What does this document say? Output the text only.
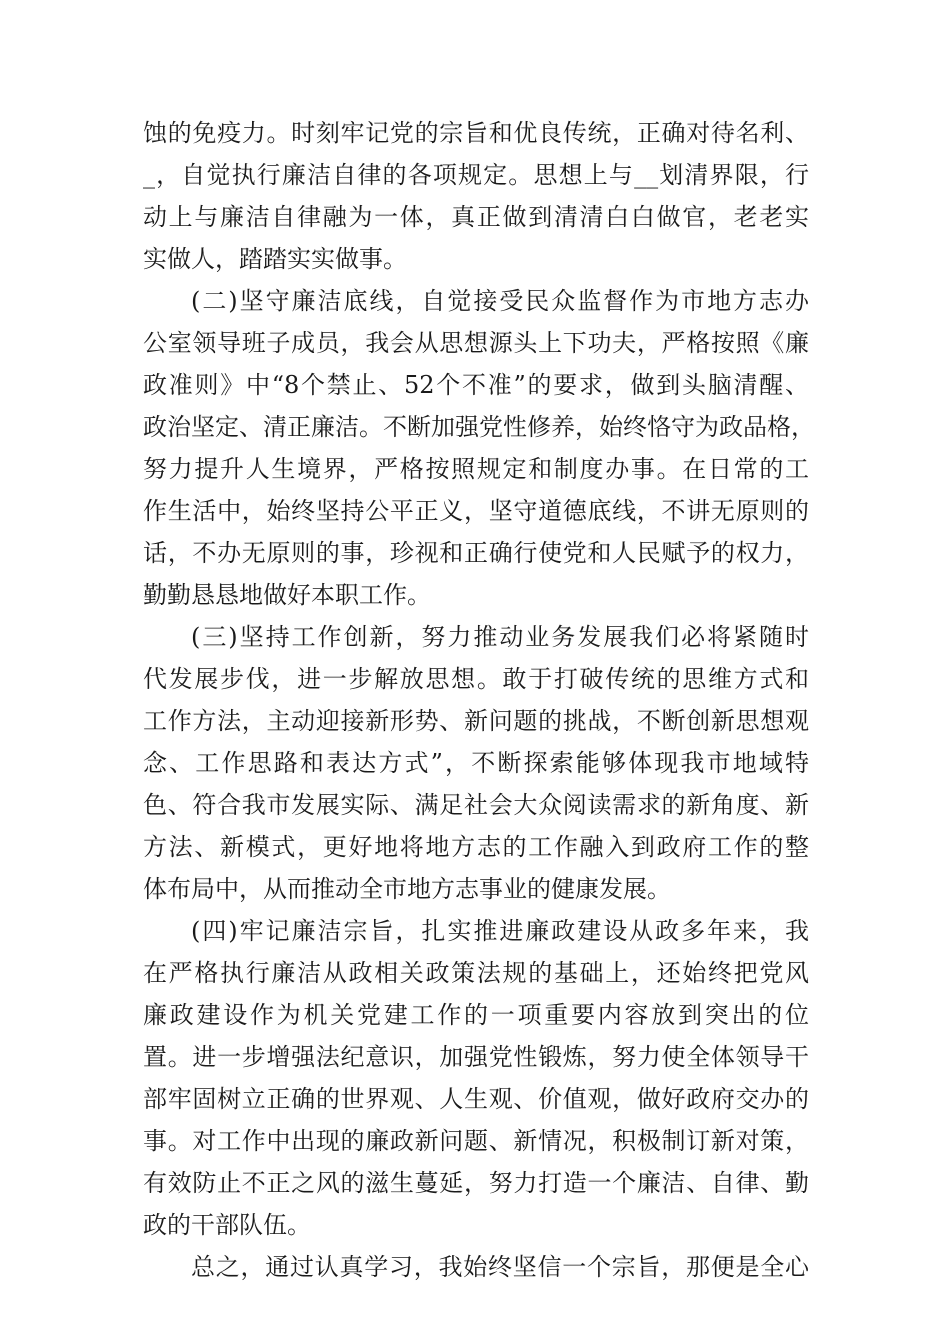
蚀的免疫力。时刻牢记党的宗旨和优良传统，正确对待名利、
_，自觉执行廉洁自律的各项规定。思想上与__划清界限，行
动上与廉洁自律融为一体，真正做到清清白白做官，老老实
实做人，踏踏实实做事。

(二)坚守廉洁底线，自觉接受民众监督作为市地方志办
公室领导班子成员，我会从思想源头上下功夫，严格按照《廉
政准则》中“8个禁止、52个不准”的要求，做到头脑清醒、
政治坚定、清正廉洁。不断加强党性修养，始终恪守为政品格，
努力提升人生境界，严格按照规定和制度办事。在日常的工
作生活中，始终坚持公平正义，坚守道德底线，不讲无原则的
话，不办无原则的事，珍视和正确行使党和人民赋予的权力，
勤勤恳恳地做好本职工作。

(三)坚持工作创新，努力推动业务发展我们必将紧随时
代发展步伐，进一步解放思想。敢于打破传统的思维方式和
工作方法，主动迎接新形势、新问题的挑战，不断创新思想观
念、工作思路和表达方式”，不断探索能够体现我市地域特
色、符合我市发展实际、满足社会大众阅读需求的新角度、新
方法、新模式，更好地将地方志的工作融入到政府工作的整
体布局中，从而推动全市地方志事业的健康发展。

(四)牢记廉洁宗旨，扎实推进廉政建设从政多年来，我
在严格执行廉洁从政相关政策法规的基础上，还始终把党风
廉政建设作为机关党建工作的一项重要内容放到突出的位
置。进一步增强法纪意识，加强党性锻炼，努力使全体领导干
部牢固树立正确的世界观、人生观、价值观，做好政府交办的
事。对工作中出现的廉政新问题、新情况，积极制订新对策，
有效防止不正之风的滋生蔓延，努力打造一个廉洁、自律、勤
政的干部队伍。

总之，通过认真学习，我始终坚信一个宗旨，那便是全心
